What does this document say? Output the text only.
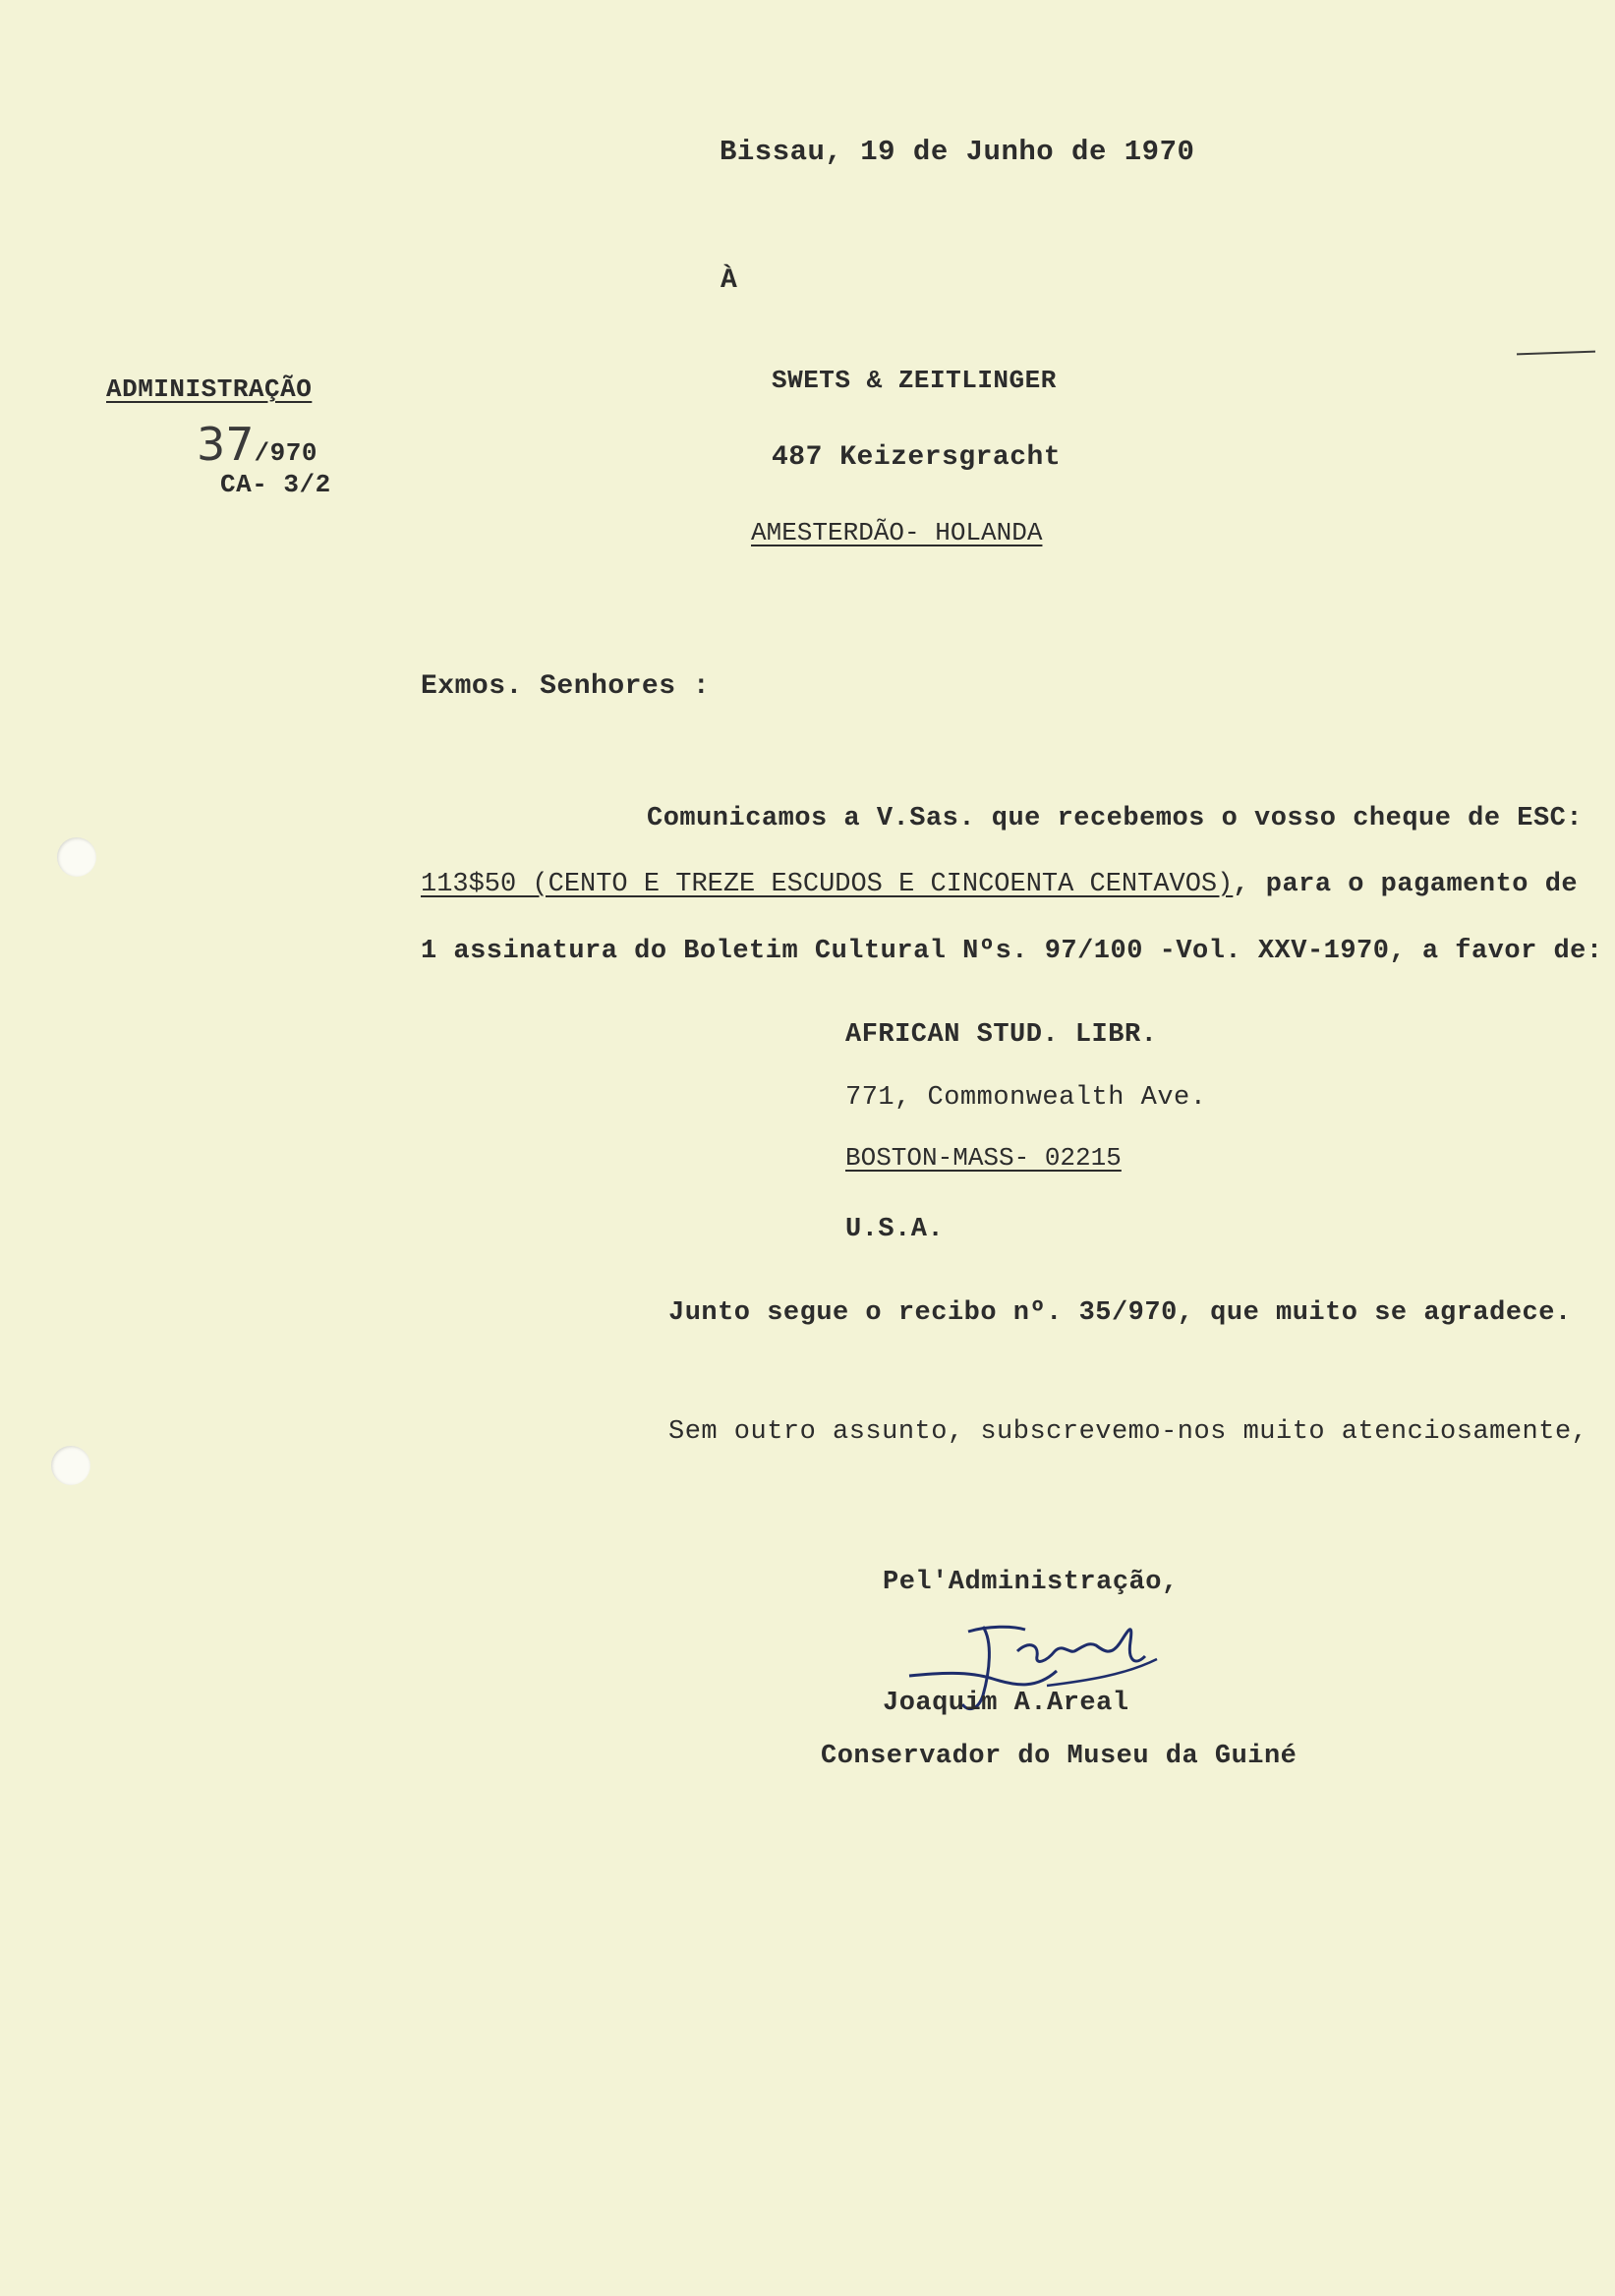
Bissau, 19 de Junho de 1970
À
ADMINISTRAÇÃO
37/970
CA- 3/2
SWETS & ZEITLINGER
487 Keizersgracht
AMESTERDÃO- HOLANDA
Exmos. Senhores :
Comunicamos a V.Sas. que recebemos o vosso cheque de ESC:
113$50 (CENTO E TREZE ESCUDOS E CINCOENTA CENTAVOS), para o pagamento de
1 assinatura do Boletim Cultural Nºs. 97/100 -Vol. XXV-1970, a favor de:
AFRICAN STUD. LIBR.
771, Commonwealth Ave.
BOSTON-MASS- 02215
U.S.A.
Junto segue o recibo nº. 35/970, que muito se agradece.
Sem outro assunto, subscrevemo-nos muito atenciosamente,
Pel'Administração,
Joaquim A.Areal
Conservador do Museu da Guiné
